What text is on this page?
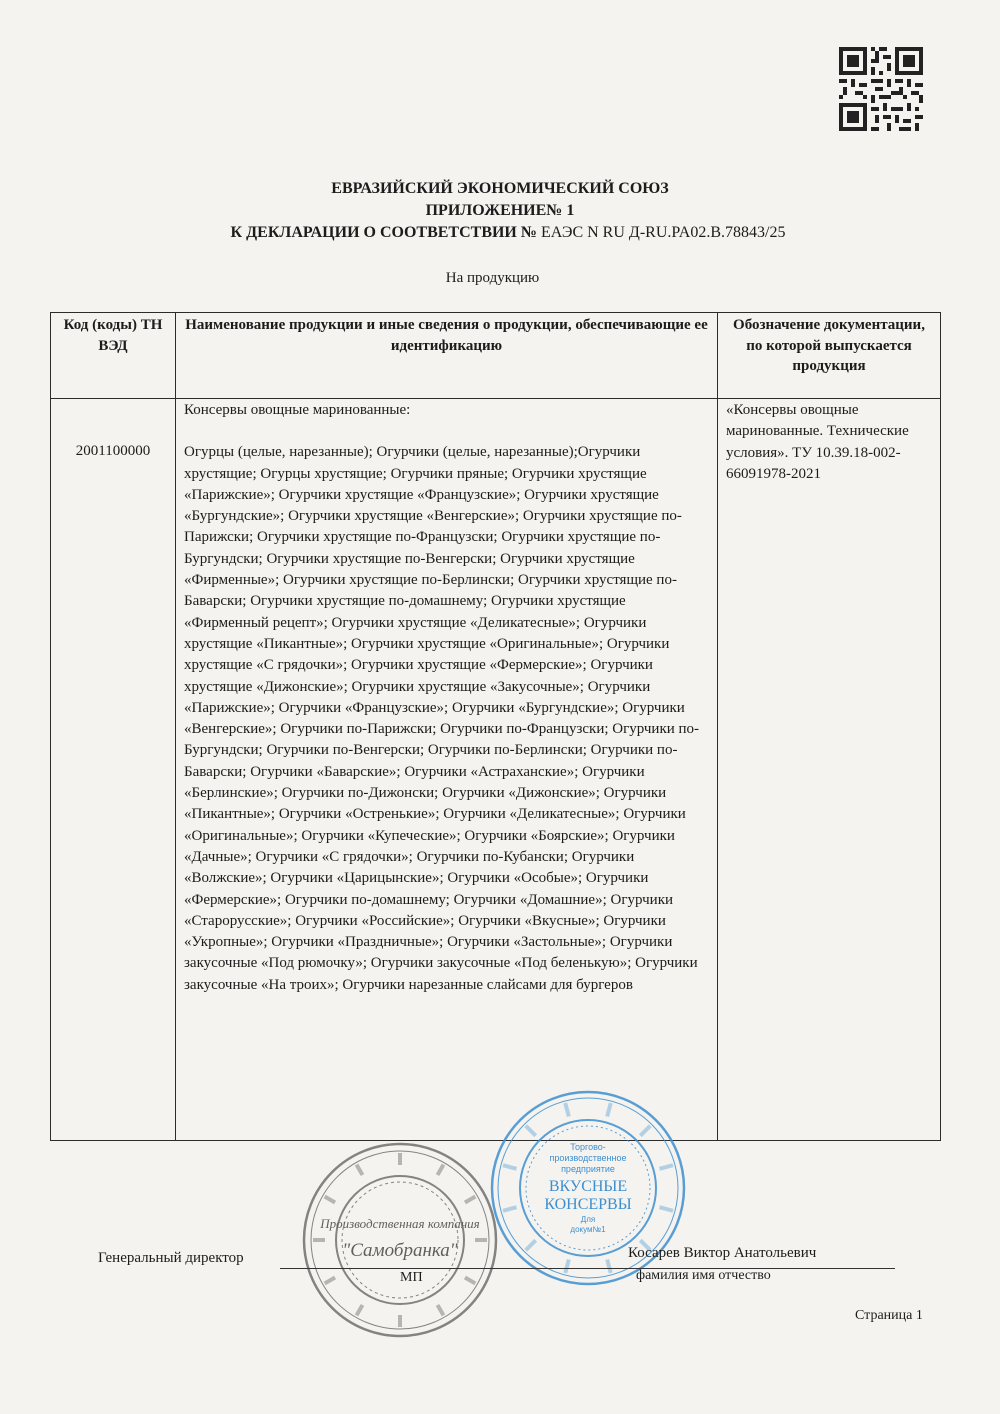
ЕВРАЗИЙСКИЙ ЭКОНОМИЧЕСКИЙ СОЮЗ
ПРИЛОЖЕНИЕ№ 1
К ДЕКЛАРАЦИИ О СООТВЕТСТВИИ № ЕАЭС N RU Д-RU.PA02.B.78843/25
На продукцию
Код (коды) ТН ВЭД	Наименование продукции и иные сведения о продукции, обеспечивающие ее идентификацию	Обозначение документации, по которой выпускается продукция
2001100000	Консервы овощные маринованные:

Огурцы (целые, нарезанные); Огурчики (целые, нарезанные);Огурчики хрустящие; Огурцы хрустящие; Огурчики пряные; Огурчики хрустящие «Парижские»; Огурчики хрустящие «Французские»; Огурчики хрустящие «Бургундские»; Огурчики хрустящие «Венгерские»; Огурчики хрустящие по-Парижски; Огурчики хрустящие по-Французски; Огурчики хрустящие по-Бургундски; Огурчики хрустящие по-Венгерски; Огурчики хрустящие «Фирменные»; Огурчики хрустящие по-Берлински; Огурчики хрустящие по-Баварски; Огурчики хрустящие по-домашнему; Огурчики хрустящие «Фирменный рецепт»; Огурчики хрустящие «Деликатесные»; Огурчики хрустящие «Пикантные»; Огурчики хрустящие «Оригинальные»; Огурчики хрустящие «С грядочки»; Огурчики хрустящие «Фермерские»; Огурчики хрустящие «Дижонские»; Огурчики хрустящие «Закусочные»; Огурчики «Парижские»; Огурчики «Французские»; Огурчики «Бургундские»; Огурчики «Венгерские»; Огурчики по-Парижски; Огурчики по-Французски; Огурчики по-Бургундски; Огурчики по-Венгерски; Огурчики по-Берлински; Огурчики по-Баварски; Огурчики «Баварские»; Огурчики «Астраханские»; Огурчики «Берлинские»; Огурчики по-Дижонски; Огурчики «Дижонские»; Огурчики «Пикантные»; Огурчики «Остренькие»; Огурчики «Деликатесные»; Огурчики «Оригинальные»; Огурчики «Купеческие»; Огурчики «Боярские»; Огурчики «Дачные»; Огурчики «С грядочки»; Огурчики по-Кубански; Огурчики «Волжские»; Огурчики «Царицынские»; Огурчики «Особые»; Огурчики «Фермерские»; Огурчики по-домашнему; Огурчики «Домашние»; Огурчики «Старорусские»; Огурчики «Российские»; Огурчики «Вкусные»; Огурчики «Укропные»; Огурчики «Праздничные»; Огурчики «Застольные»; Огурчики закусочные «Под рюмочку»; Огурчики закусочные «Под беленькую»; Огурчики закусочные «На троих»; Огурчики нарезанные слайсами для бургеров	«Консервы овощные маринованные. Технические условия». ТУ 10.39.18-002-66091978-2021
Производственная компания
"Самобранка"
Торгово-
производственное
предприятие
ВКУСНЫЕ
КОНСЕРВЫ
Для
докум№1
Генеральный директор	Косарев Виктор Анатольевич
фамилия имя отчество
МП
Страница 1
